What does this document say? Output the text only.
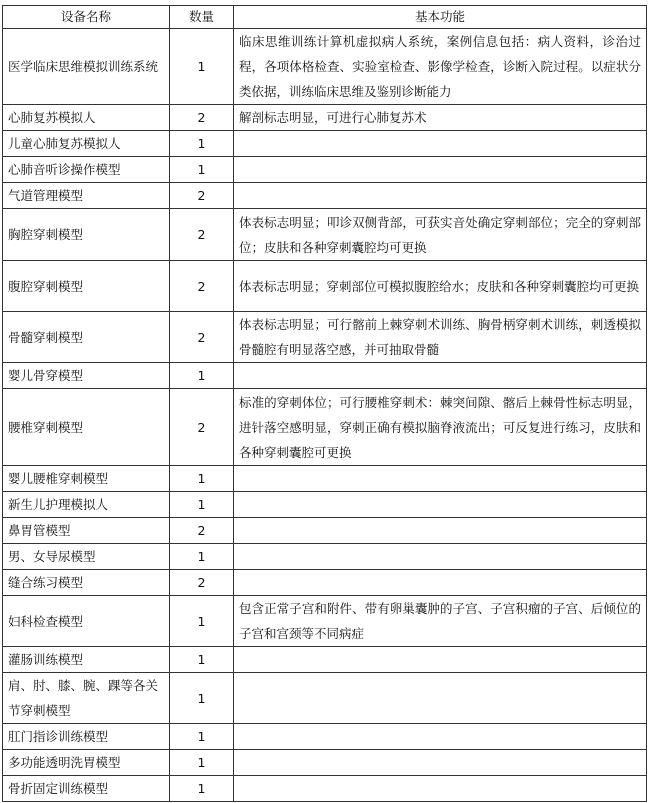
设备名称	数量	基本功能
医学临床思维模拟训练系统	1	临床思维训练计算机虚拟病人系统，案例信息包括：病人资料，诊治过程，各项体格检查、实验室检查、影像学检查，诊断入院过程。以症状分类依据，训练临床思维及鉴别诊断能力
心肺复苏模拟人	2	解剖标志明显，可进行心肺复苏术
儿童心肺复苏模拟人	1	
心肺音听诊操作模型	1	
气道管理模型	2	
胸腔穿刺模型	2	体表标志明显；叩诊双侧背部，可获实音处确定穿刺部位；完全的穿刺部位；皮肤和各种穿刺囊腔均可更换
腹腔穿刺模型	2	体表标志明显；穿刺部位可模拟腹腔给水；皮肤和各种穿刺囊腔均可更换
骨髓穿刺模型	2	体表标志明显；可行髂前上棘穿刺术训练、胸骨柄穿刺术训练，刺透模拟骨髓腔有明显落空感，并可抽取骨髓
婴儿骨穿模型	1	
腰椎穿刺模型	2	标准的穿刺体位；可行腰椎穿刺术：棘突间隙、髂后上棘骨性标志明显，进针落空感明显，穿刺正确有模拟脑脊液流出；可反复进行练习，皮肤和各种穿刺囊腔可更换
婴儿腰椎穿刺模型	1	
新生儿护理模拟人	1	
鼻胃管模型	2	
男、女导尿模型	1	
缝合练习模型	2	
妇科检查模型	1	包含正常子宫和附件、带有卵巢囊肿的子宫、子宫积瘤的子宫、后倾位的子宫和宫颈等不同病症
灌肠训练模型	1	
肩、肘、膝、腕、踝等各关节穿刺模型	1	
肛门指诊训练模型	1	
多功能透明洗胃模型	1	
骨折固定训练模型	1	
